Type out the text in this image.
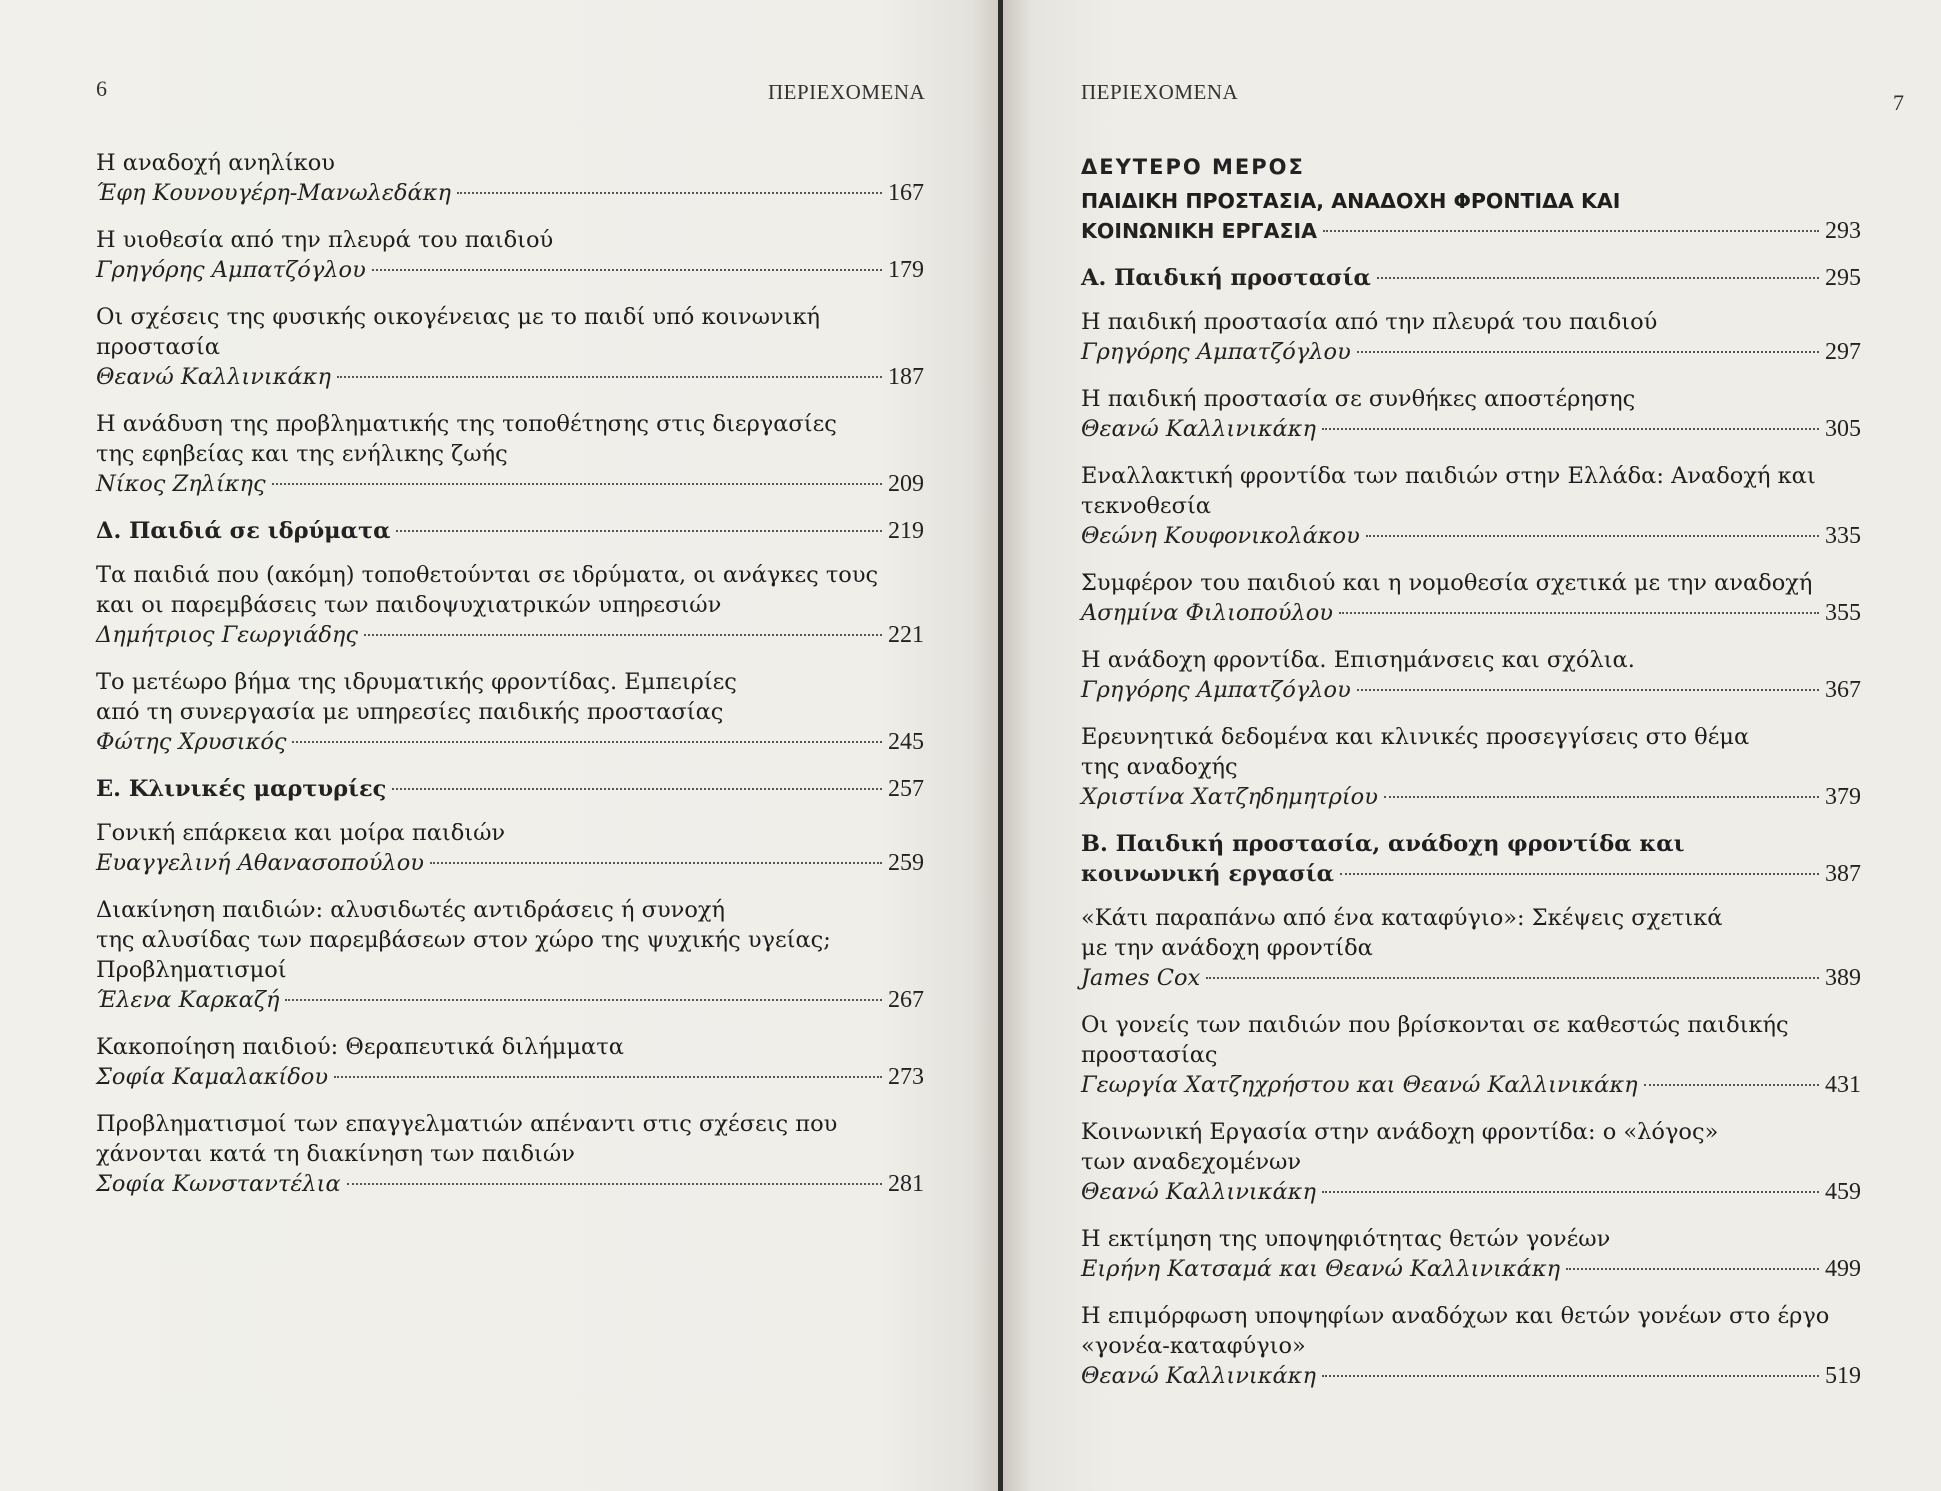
6	ΠΕΡΙΕΧΟΜΕΝΑ
Η αναδοχή ανηλίκου
Έφη Κουνουγέρη-Μανωλεδάκη	167
Η υιοθεσία από την πλευρά του παιδιού
Γρηγόρης Αμπατζόγλου	179
Οι σχέσεις της φυσικής οικογένειας με το παιδί υπό κοινωνική
προστασία
Θεανώ Καλλινικάκη	187
Η ανάδυση της προβληματικής της τοποθέτησης στις διεργασίες
της εφηβείας και της ενήλικης ζωής
Νίκος Ζηλίκης	209
Δ. Παιδιά σε ιδρύματα	219
Τα παιδιά που (ακόμη) τοποθετούνται σε ιδρύματα, οι ανάγκες τους
και οι παρεμβάσεις των παιδοψυχιατρικών υπηρεσιών
Δημήτριος Γεωργιάδης	221
Το μετέωρο βήμα της ιδρυματικής φροντίδας. Εμπειρίες
από τη συνεργασία με υπηρεσίες παιδικής προστασίας
Φώτης Χρυσικός	245
Ε. Κλινικές μαρτυρίες	257
Γονική επάρκεια και μοίρα παιδιών
Ευαγγελινή Αθανασοπούλου	259
Διακίνηση παιδιών: αλυσιδωτές αντιδράσεις ή συνοχή
της αλυσίδας των παρεμβάσεων στον χώρο της ψυχικής υγείας;
Προβληματισμοί
Έλενα Καρκαζή	267
Κακοποίηση παιδιού: Θεραπευτικά διλήμματα
Σοφία Καμαλακίδου	273
Προβληματισμοί των επαγγελματιών απέναντι στις σχέσεις που
χάνονται κατά τη διακίνηση των παιδιών
Σοφία Κωνσταντέλια	281
ΠΕΡΙΕΧΟΜΕΝΑ	7
ΔΕΥΤΕΡΟ ΜΕΡΟΣ
ΠΑΙΔΙΚΗ ΠΡΟΣΤΑΣΙΑ, ΑΝΑΔΟΧΗ ΦΡΟΝΤΙΔΑ ΚΑΙ
ΚΟΙΝΩΝΙΚΗ ΕΡΓΑΣΙΑ	293
Α. Παιδική προστασία	295
Η παιδική προστασία από την πλευρά του παιδιού
Γρηγόρης Αμπατζόγλου	297
Η παιδική προστασία σε συνθήκες αποστέρησης
Θεανώ Καλλινικάκη	305
Εναλλακτική φροντίδα των παιδιών στην Ελλάδα: Αναδοχή και
τεκνοθεσία
Θεώνη Κουφονικολάκου	335
Συμφέρον του παιδιού και η νομοθεσία σχετικά με την αναδοχή
Ασημίνα Φιλιοπούλου	355
Η ανάδοχη φροντίδα. Επισημάνσεις και σχόλια.
Γρηγόρης Αμπατζόγλου	367
Ερευνητικά δεδομένα και κλινικές προσεγγίσεις στο θέμα
της αναδοχής
Χριστίνα Χατζηδημητρίου	379
Β. Παιδική προστασία, ανάδοχη φροντίδα και
κοινωνική εργασία	387
«Κάτι παραπάνω από ένα καταφύγιο»: Σκέψεις σχετικά
με την ανάδοχη φροντίδα
James Cox	389
Οι γονείς των παιδιών που βρίσκονται σε καθεστώς παιδικής
προστασίας
Γεωργία Χατζηχρήστου και Θεανώ Καλλινικάκη	431
Κοινωνική Εργασία στην ανάδοχη φροντίδα: ο «λόγος»
των αναδεχομένων
Θεανώ Καλλινικάκη	459
Η εκτίμηση της υποψηφιότητας θετών γονέων
Ειρήνη Κατσαμά και Θεανώ Καλλινικάκη	499
Η επιμόρφωση υποψηφίων αναδόχων και θετών γονέων στο έργο
«γονέα-καταφύγιο»
Θεανώ Καλλινικάκη	519
